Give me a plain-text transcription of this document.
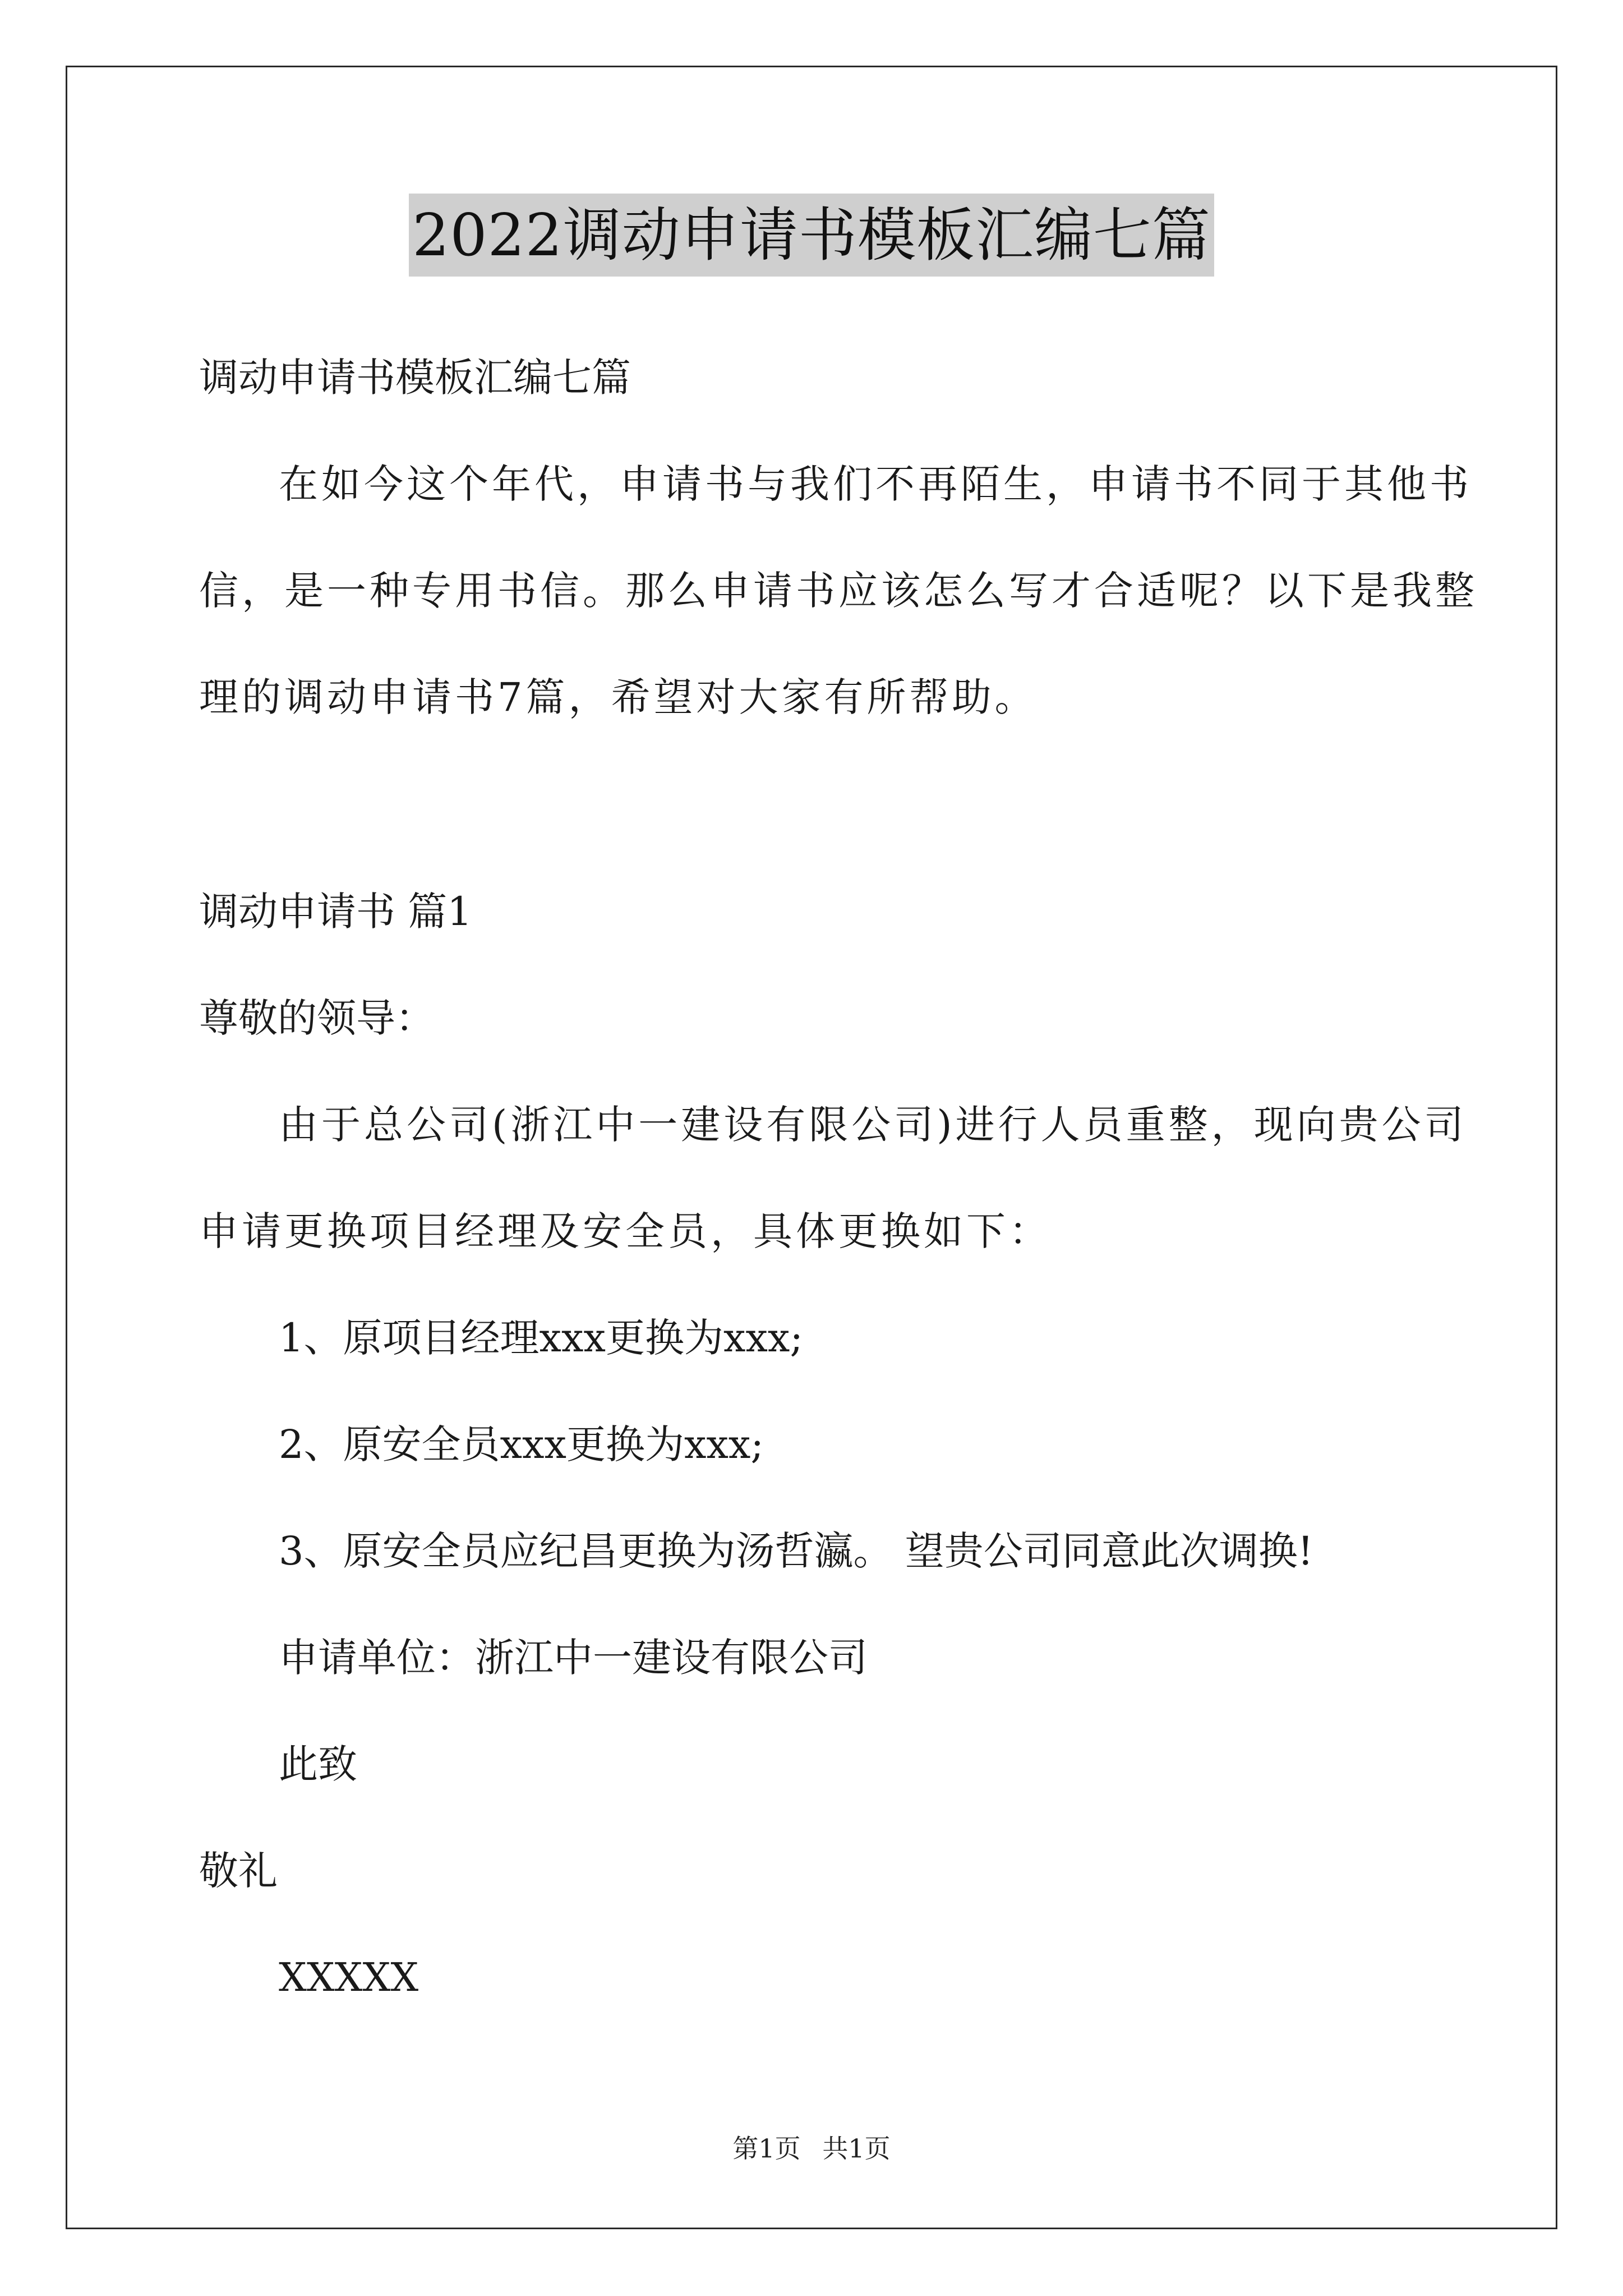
2022调动申请书模板汇编七篇
调动申请书模板汇编七篇
在如今这个年代，申请书与我们不再陌生，申请书不同于其他书
信，是一种专用书信。那么申请书应该怎么写才合适呢？以下是我整
理的调动申请书7篇，希望对大家有所帮助。
调动申请书 篇1
尊敬的领导：
由于总公司(浙江中一建设有限公司)进行人员重整，现向贵公司
申请更换项目经理及安全员，具体更换如下：
1、原项目经理xxx更换为xxx;
2、原安全员xxx更换为xxx;
3、原安全员应纪昌更换为汤哲瀛。 望贵公司同意此次调换!
申请单位：浙江中一建设有限公司
此致
敬礼
XXXXX
第1页 共1页
